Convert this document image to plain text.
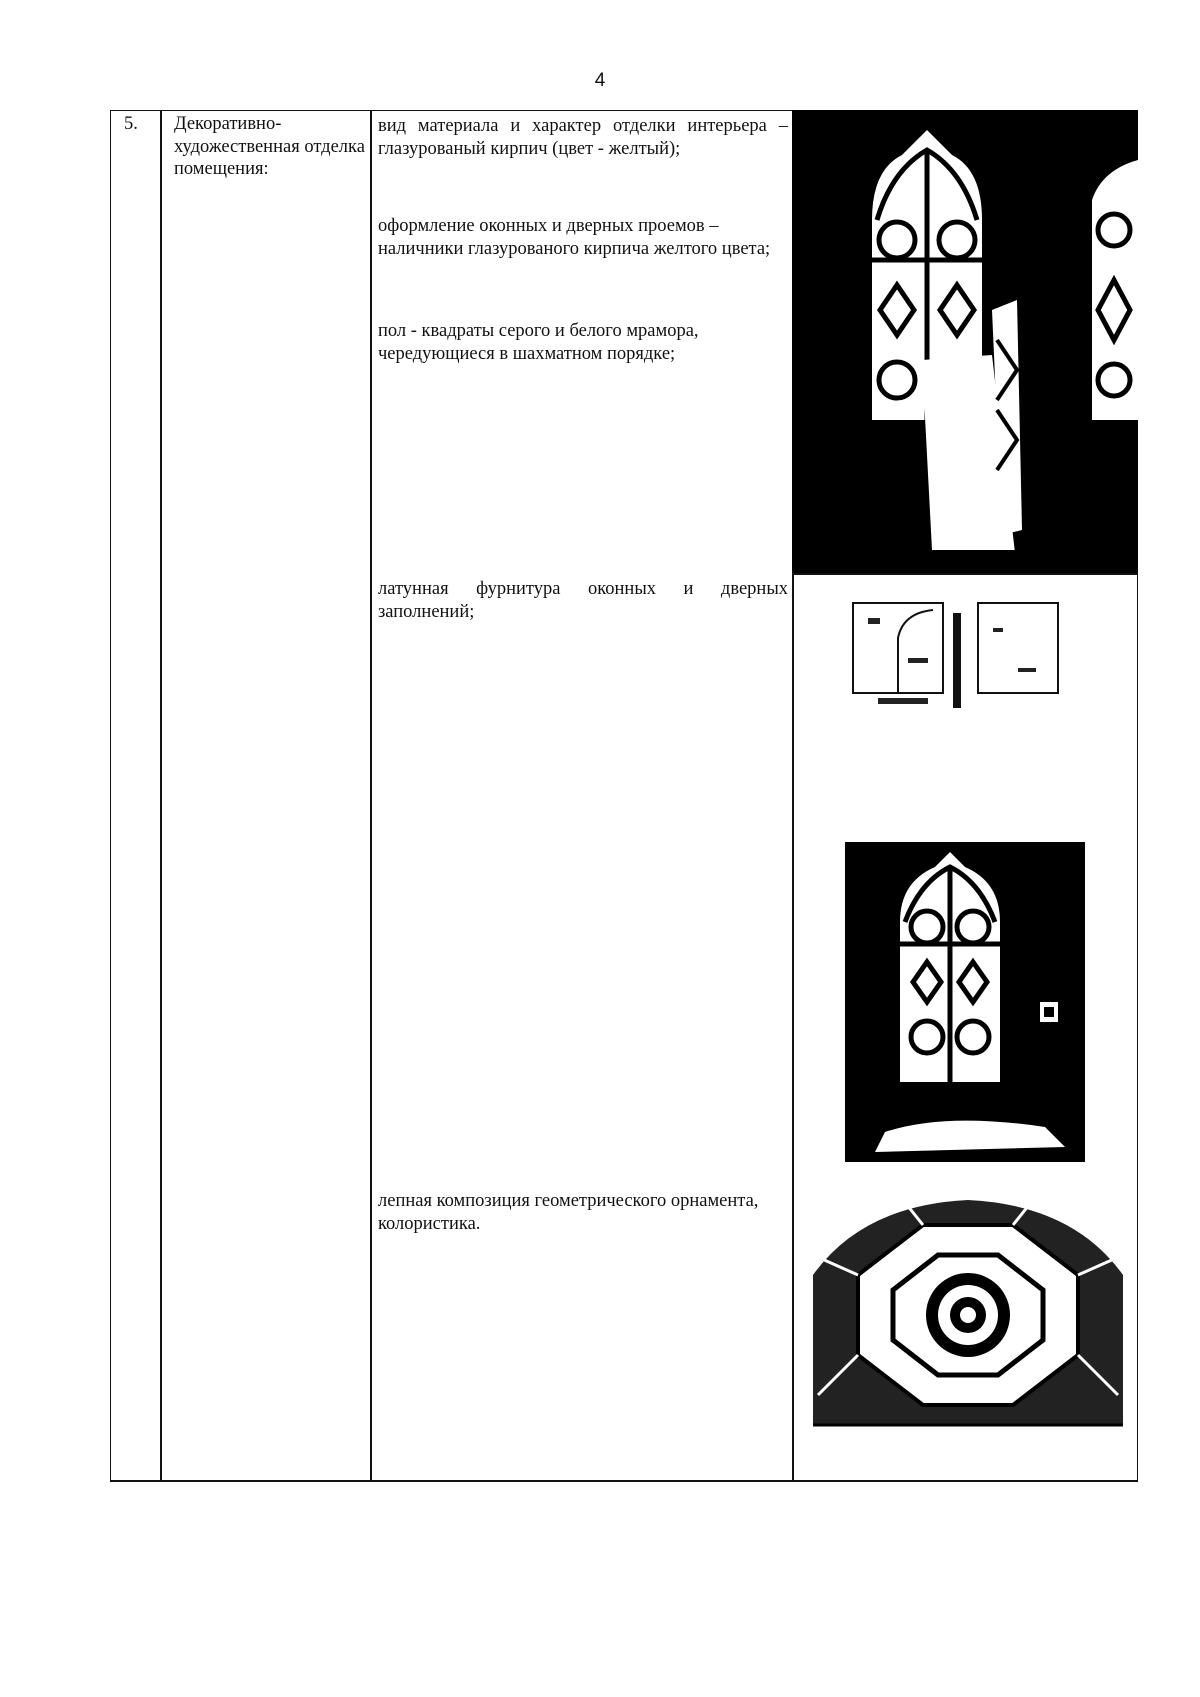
4
5. Декоративно-художественная отделка помещения:
вид материала и характер отделки интерьера – глазурованый кирпич (цвет - желтый);
оформление оконных и дверных проемов – наличники глазурованого кирпича желтого цвета;
пол - квадраты серого и белого мрамора, чередующиеся в шахматном порядке;
латунная фурнитура оконных и дверных заполнений;
лепная композиция геометрического орнамента, колористика.
